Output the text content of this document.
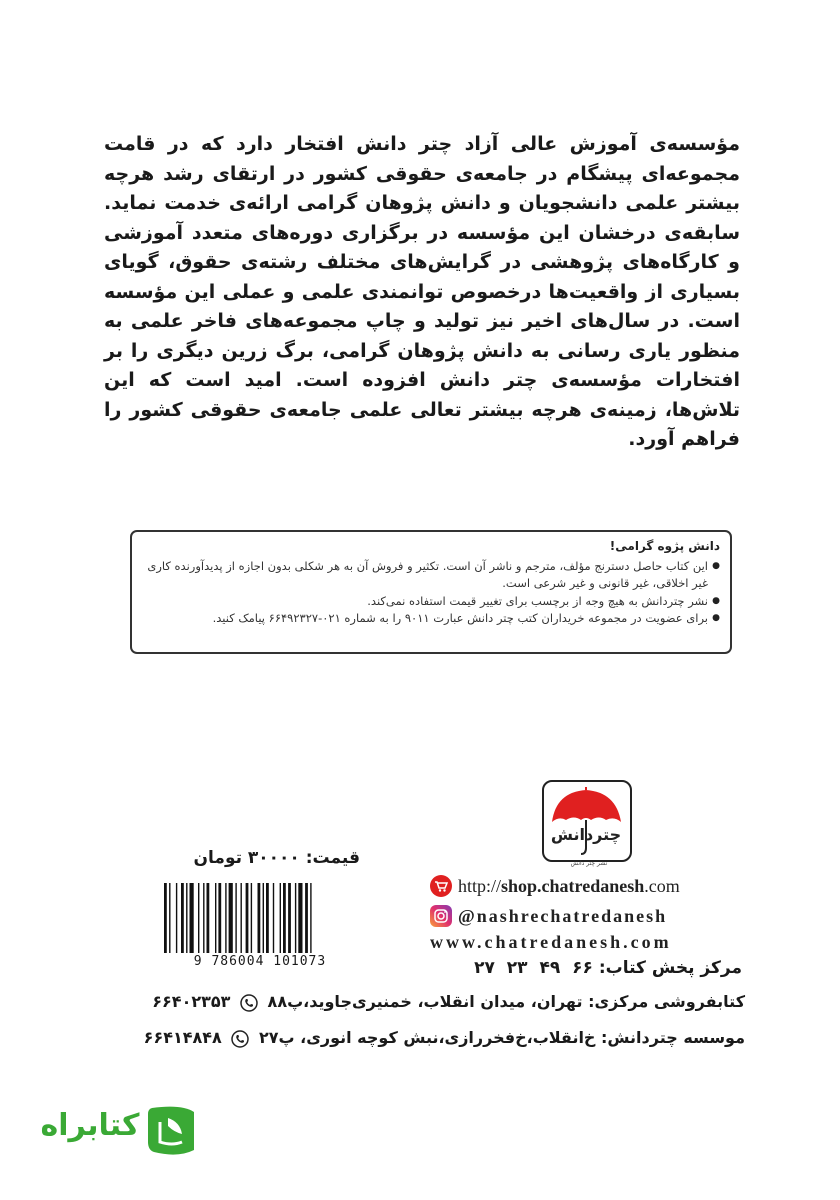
مؤسسه‌ی آموزش عالی آزاد چتر دانش افتخار دارد که در قامت مجموعه‌ای پیشگام در جامعه‌ی حقوقی کشور در ارتقای رشد هرچه بیشتر علمی دانشجویان و دانش پژوهان گرامی ارائه‌ی خدمت نماید. سابقه‌ی درخشان این مؤسسه در برگزاری دوره‌های متعدد آموزشی و کارگاه‌های پژوهشی در گرایش‌های مختلف رشته‌ی حقوق، گویای بسیاری از واقعیت‌ها درخصوص توانمندی علمی و عملی این مؤسسه است. در سال‌های اخیر نیز تولید و چاپ مجموعه‌های فاخر علمی به منظور یاری رسانی به دانش پژوهان گرامی، برگ زرین دیگری را بر افتخارات مؤسسه‌ی چتر دانش افزوده است. امید است که این تلاش‌ها، زمینه‌ی هرچه بیشتر تعالی علمی جامعه‌ی حقوقی کشور را فراهم آورد.

دانش پژوه گرامی!
● این کتاب حاصل دسترنج مؤلف، مترجم و ناشر آن است. تکثیر و فروش آن به هر شکلی بدون اجازه از پدیدآورنده کاری غیر اخلاقی، غیر قانونی و غیر شرعی است.
● نشر چتردانش به هیچ وجه از برچسب برای تغییر قیمت استفاده نمی‌کند.
● برای عضویت در مجموعه خریداران کتب چتر دانش عبارت ۹۰۱۱ را به شماره ۰۲۱-۶۶۴۹۲۳۲۷ پیامک کنید.
چتردانش
نشر چتر دانش
قیمت: ۳۰۰۰۰ تومان
9 786004 101073
http://shop.chatredanesh.com
@nashrechatredanesh
www.chatredanesh.com
مرکز پخش کتاب: ۶۶ ۴۹ ۲۳ ۲۷
کتابفروشی مرکزی: تهران، میدان انقلاب، خمنیری‌جاوید،پ۸۸  ۶۶۴۰۲۳۵۳
موسسه چتردانش: خ‌انقلاب،خ‌فخررازی،نبش کوچه انوری، پ۲۷  ۶۶۴۱۴۸۴۸
کتابراه
